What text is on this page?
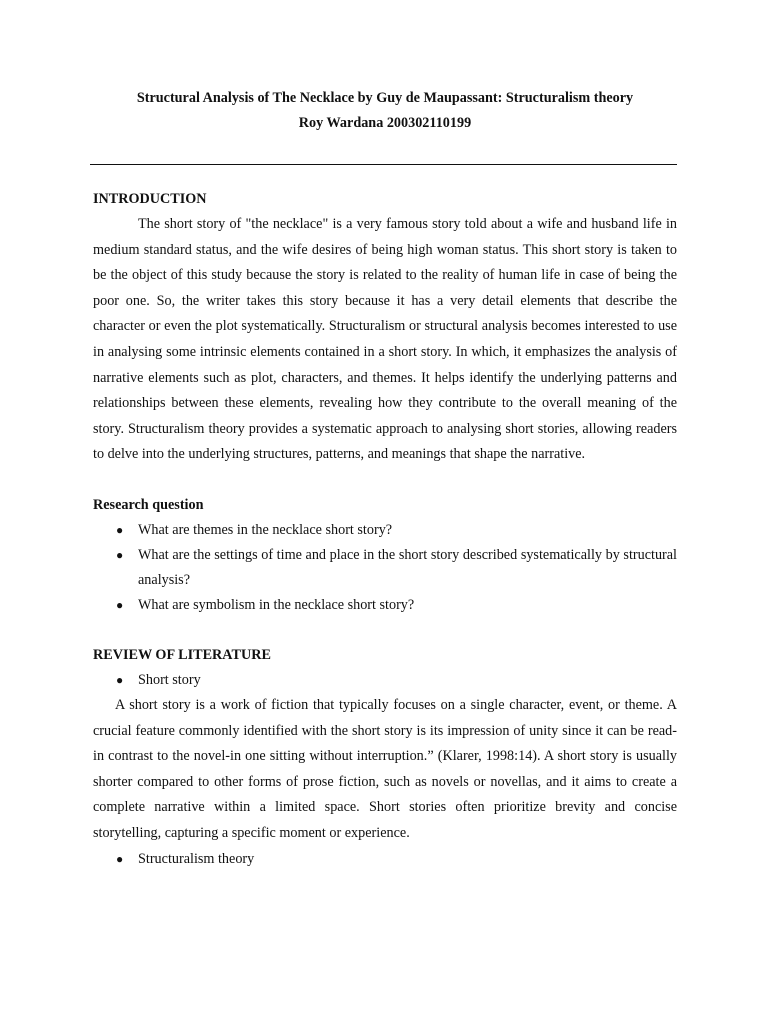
Structural Analysis of The Necklace by Guy de Maupassant: Structuralism theory
Roy Wardana 200302110199
INTRODUCTION

The short story of "the necklace" is a very famous story told about a wife and husband life in medium standard status, and the wife desires of being high woman status. This short story is taken to be the object of this study because the story is related to the reality of human life in case of being the poor one. So, the writer takes this story because it has a very detail elements that describe the character or even the plot systematically. Structuralism or structural analysis becomes interested to use in analysing some intrinsic elements contained in a short story. In which, it emphasizes the analysis of narrative elements such as plot, characters, and themes. It helps identify the underlying patterns and relationships between these elements, revealing how they contribute to the overall meaning of the story. Structuralism theory provides a systematic approach to analysing short stories, allowing readers to delve into the underlying structures, patterns, and meanings that shape the narrative.

Research question
● What are themes in the necklace short story?
● What are the settings of time and place in the short story described systematically by structural analysis?
● What are symbolism in the necklace short story?
REVIEW OF LITERATURE
● Short story

A short story is a work of fiction that typically focuses on a single character, event, or theme. A crucial feature commonly identified with the short story is its impression of unity since it can be read-in contrast to the novel-in one sitting without interruption.” (Klarer, 1998:14). A short story is usually shorter compared to other forms of prose fiction, such as novels or novellas, and it aims to create a complete narrative within a limited space. Short stories often prioritize brevity and concise storytelling, capturing a specific moment or experience.

● Structuralism theory
